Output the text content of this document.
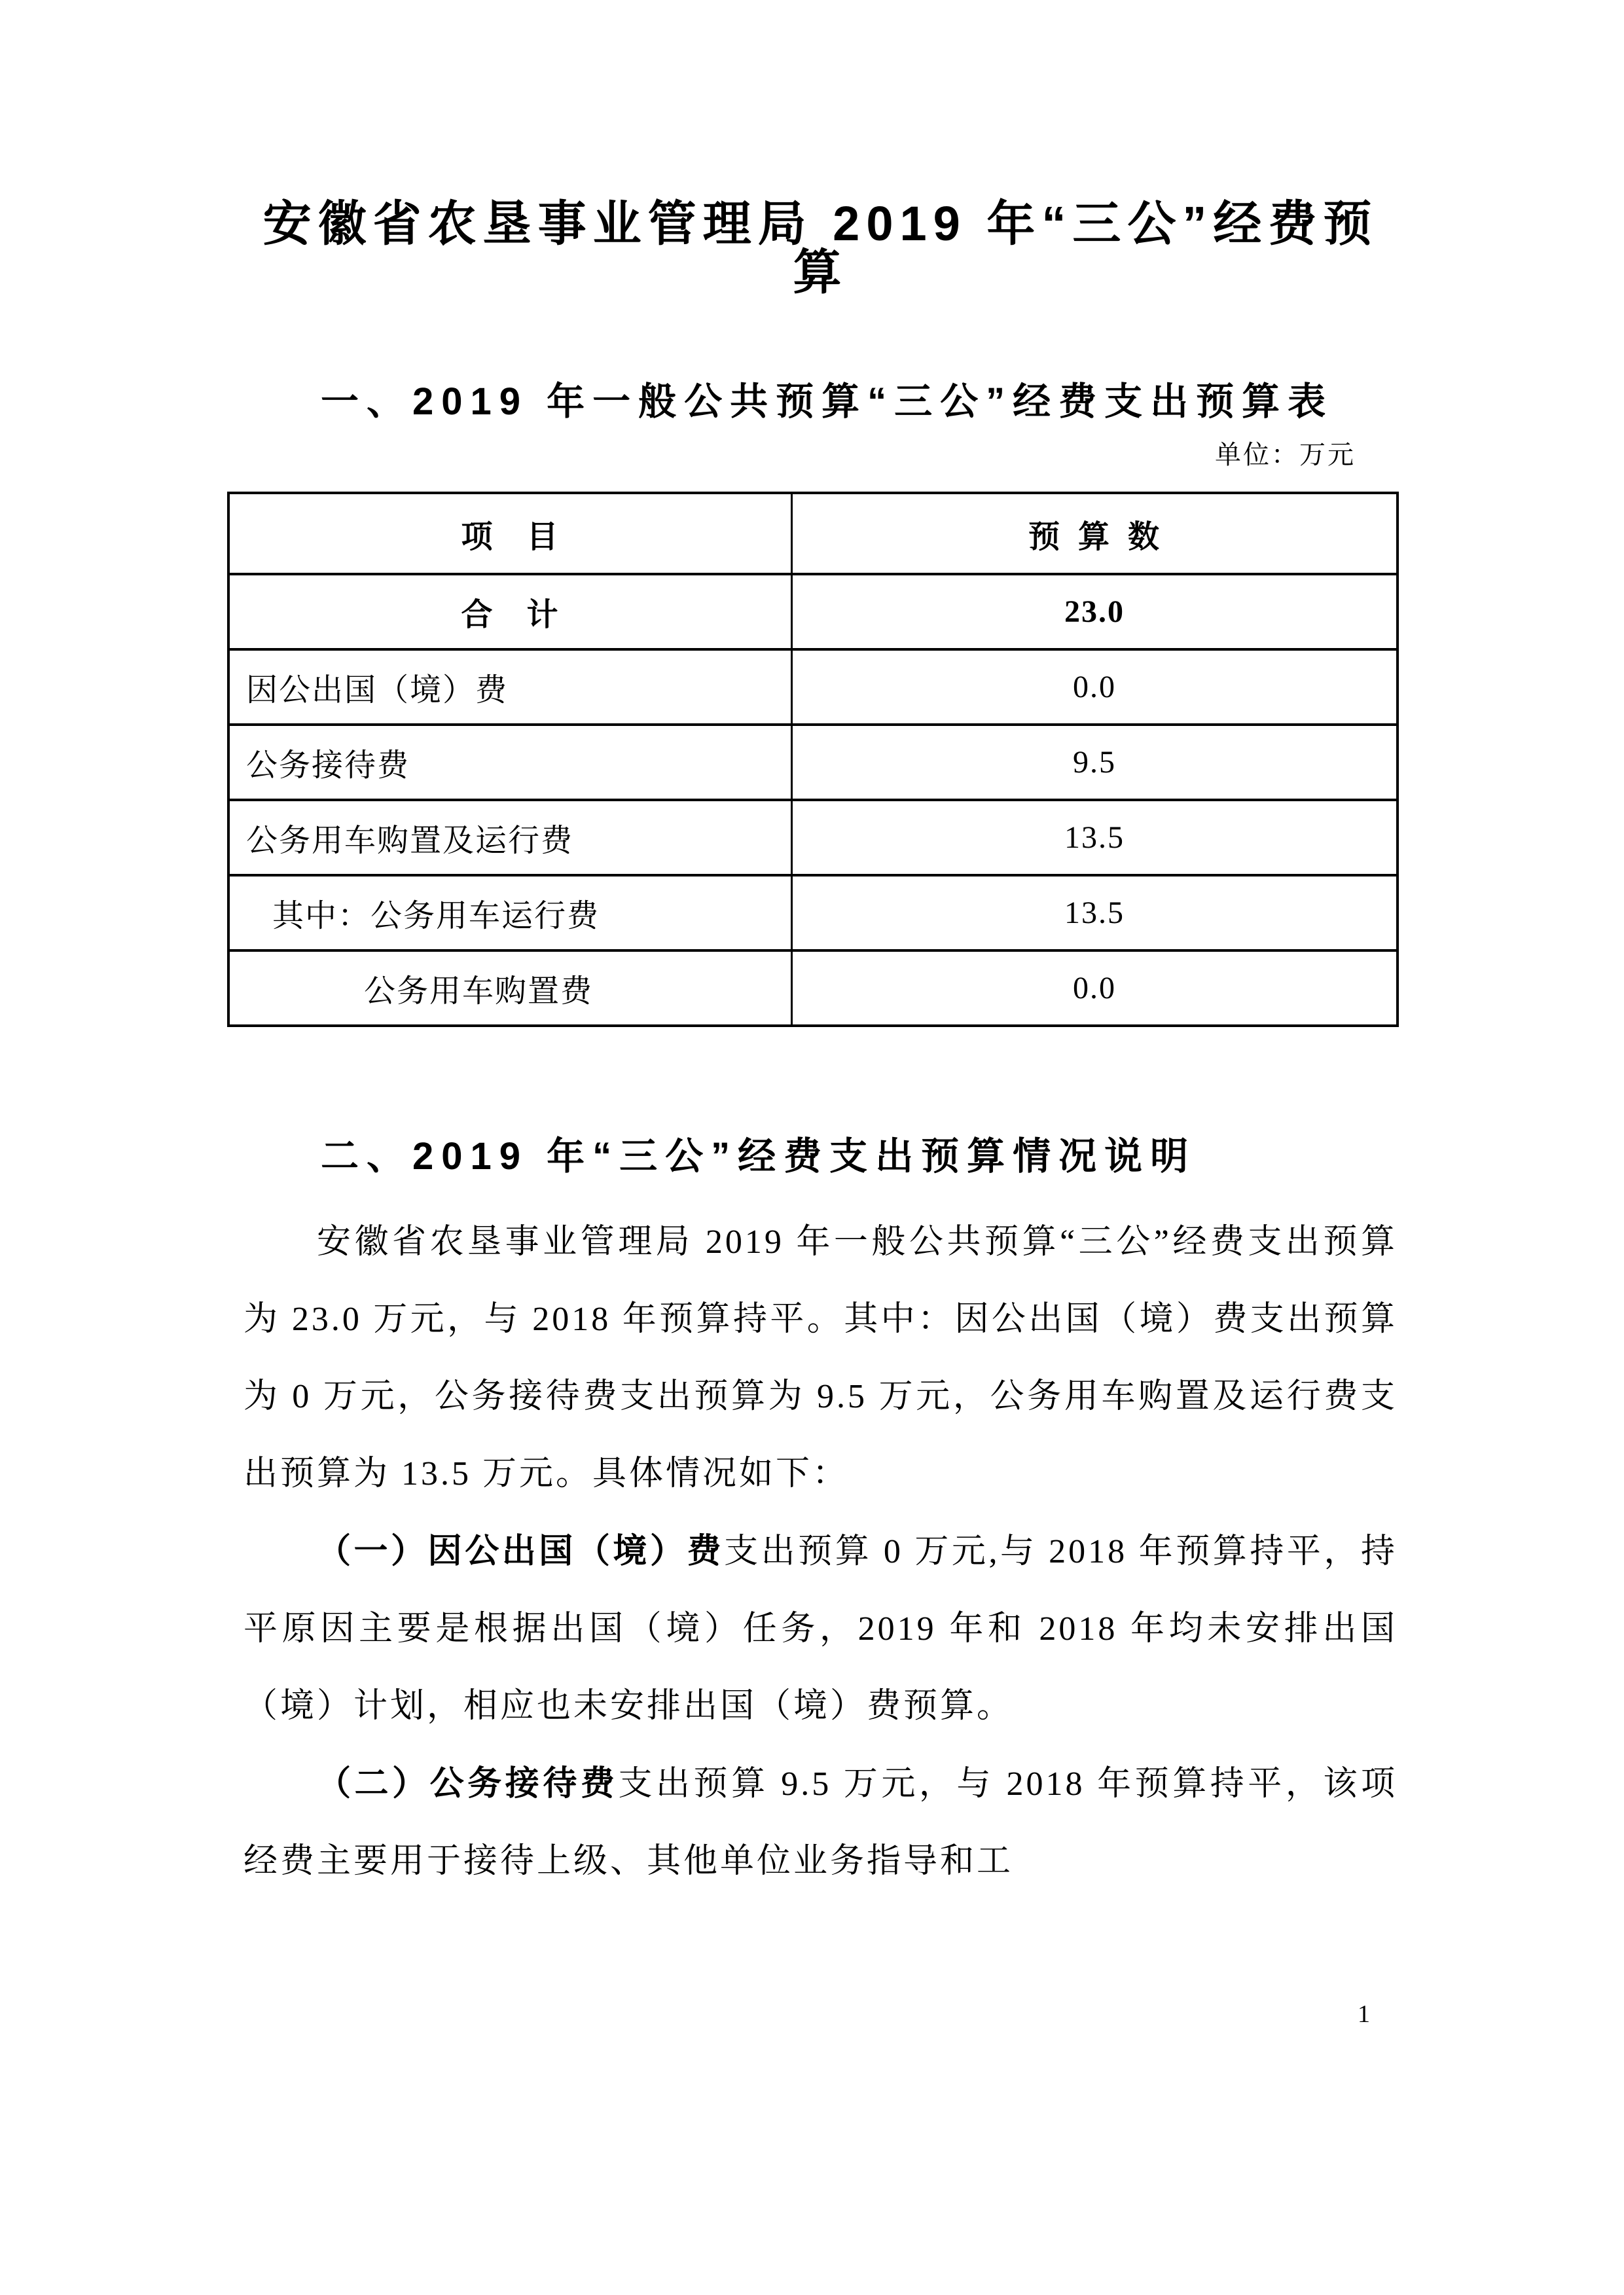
安徽省农垦事业管理局 2019 年“三公”经费预算
一、2019 年一般公共预算“三公”经费支出预算表
单位：万元
项　目	预 算 数
合　计	23.0
因公出国（境）费	0.0
公务接待费	9.5
公务用车购置及运行费	13.5
其中：公务用车运行费	13.5
公务用车购置费	0.0
二、2019 年“三公”经费支出预算情况说明

安徽省农垦事业管理局 2019 年一般公共预算“三公”经费支出预算为 23.0 万元，与 2018 年预算持平。其中：因公出国（境）费支出预算为 0 万元，公务接待费支出预算为 9.5 万元，公务用车购置及运行费支出预算为 13.5 万元。具体情况如下：

（一）因公出国（境）费支出预算 0 万元,与 2018 年预算持平，持平原因主要是根据出国（境）任务，2019 年和 2018 年均未安排出国（境）计划，相应也未安排出国（境）费预算。

（二）公务接待费支出预算 9.5 万元，与 2018 年预算持平，该项经费主要用于接待上级、其他单位业务指导和工

1
